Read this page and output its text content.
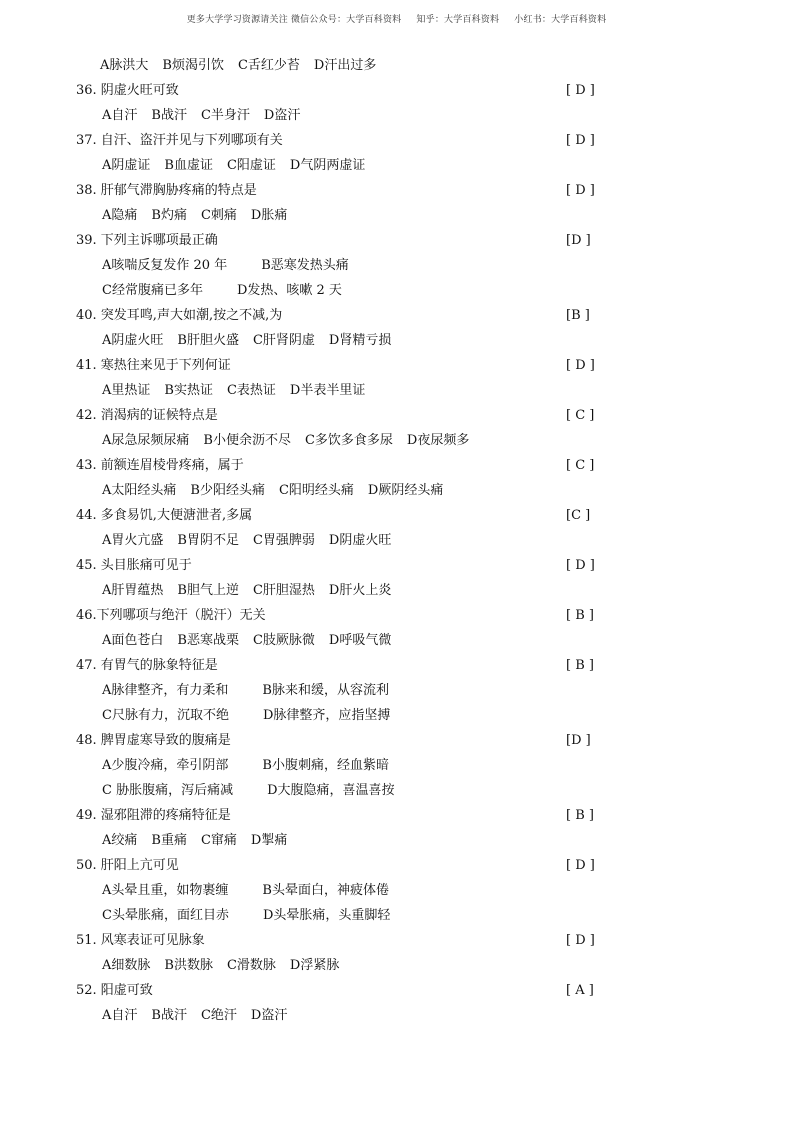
更多大学学习资源请关注 微信公众号：大学百科资料 知乎：大学百科资料 小红书：大学百科资料
A脉洪大 B烦渴引饮 C舌红少苔 D汗出过多
36. 阴虚火旺可致	[ D ]
A自汗 B战汗 C半身汗 D盗汗
37. 自汗、盗汗并见与下列哪项有关	[ D ]
A阴虚证 B血虚证 C阳虚证 D气阴两虚证
38. 肝郁气滞胸胁疼痛的特点是	[ D ]
A隐痛 B灼痛 C刺痛 D胀痛
39. 下列主诉哪项最正确	[D ]
A咳喘反复发作 20 年	B恶寒发热头痛
C经常腹痛已多年	D发热、咳嗽 2 天
40. 突发耳鸣,声大如潮,按之不减,为	[B ]
A阴虚火旺 B肝胆火盛 C肝肾阴虚 D肾精亏损
41. 寒热往来见于下列何证	[ D ]
A里热证 B实热证 C表热证 D半表半里证
42. 消渴病的证候特点是	[ C ]
A尿急尿频尿痛 B小便余沥不尽 C多饮多食多尿 D夜尿频多
43. 前额连眉棱骨疼痛，属于	[ C ]
A太阳经头痛 B少阳经头痛 C阳明经头痛 D厥阴经头痛
44. 多食易饥,大便溏泄者,多属	[C ]
A胃火亢盛 B胃阴不足 C胃强脾弱 D阴虚火旺
45. 头目胀痛可见于	[ D ]
A肝胃蕴热 B胆气上逆 C肝胆湿热 D肝火上炎
46.下列哪项与绝汗（脱汗）无关	[ B ]
A面色苍白 B恶寒战栗 C肢厥脉微 D呼吸气微
47. 有胃气的脉象特征是	[ B ]
A脉律整齐，有力柔和	B脉来和缓，从容流利
C尺脉有力，沉取不绝	D脉律整齐，应指坚搏
48. 脾胃虚寒导致的腹痛是	[D ]
A少腹冷痛，牵引阴部	B小腹刺痛，经血紫暗
C 胁胀腹痛，泻后痛减	D大腹隐痛，喜温喜按
49. 湿邪阻滞的疼痛特征是	[ B ]
A绞痛 B重痛 C窜痛 D掣痛
50. 肝阳上亢可见	[ D ]
A头晕且重，如物裹缠	B头晕面白，神疲体倦
C头晕胀痛，面红目赤	D头晕胀痛，头重脚轻
51. 风寒表证可见脉象	[ D ]
A细数脉 B洪数脉 C滑数脉 D浮紧脉
52. 阳虚可致	[ A ]
A自汗 B战汗 C绝汗 D盗汗
